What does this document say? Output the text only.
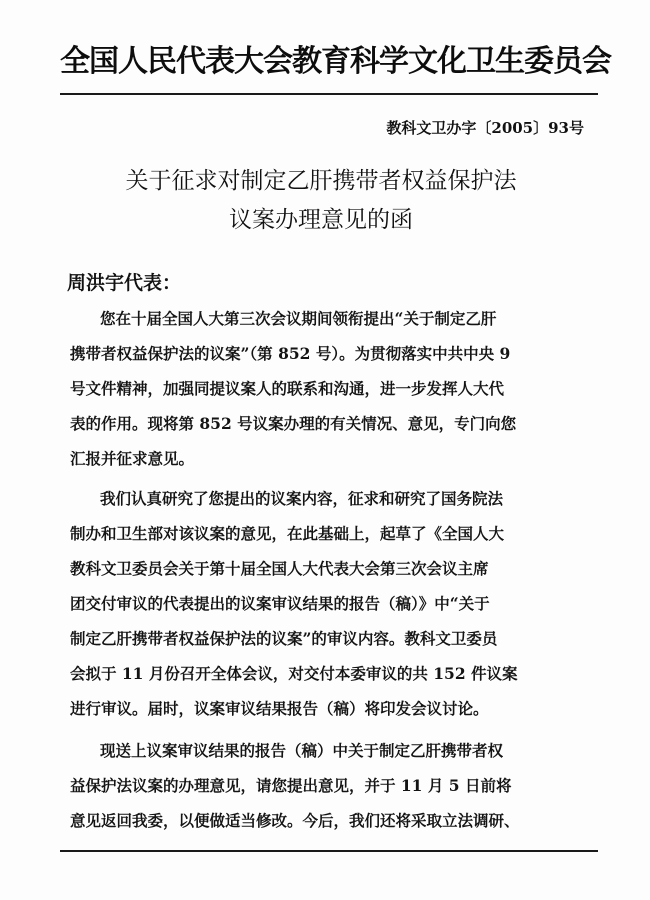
全国人民代表大会教育科学文化卫生委员会
教科文卫办字〔2005〕93号
关于征求对制定乙肝携带者权益保护法
议案办理意见的函
周洪宇代表：
您在十届全国人大第三次会议期间领衔提出“关于制定乙肝
携带者权益保护法的议案”（第 852 号）。为贯彻落实中共中央 9
号文件精神，加强同提议案人的联系和沟通，进一步发挥人大代
表的作用。现将第 852 号议案办理的有关情况、意见，专门向您
汇报并征求意见。
我们认真研究了您提出的议案内容，征求和研究了国务院法
制办和卫生部对该议案的意见，在此基础上，起草了《全国人大
教科文卫委员会关于第十届全国人大代表大会第三次会议主席
团交付审议的代表提出的议案审议结果的报告（稿）》中“关于
制定乙肝携带者权益保护法的议案”的审议内容。教科文卫委员
会拟于 11 月份召开全体会议，对交付本委审议的共 152 件议案
进行审议。届时，议案审议结果报告（稿）将印发会议讨论。
现送上议案审议结果的报告（稿）中关于制定乙肝携带者权
益保护法议案的办理意见，请您提出意见，并于 11 月 5 日前将
意见返回我委，以便做适当修改。今后，我们还将采取立法调研、
